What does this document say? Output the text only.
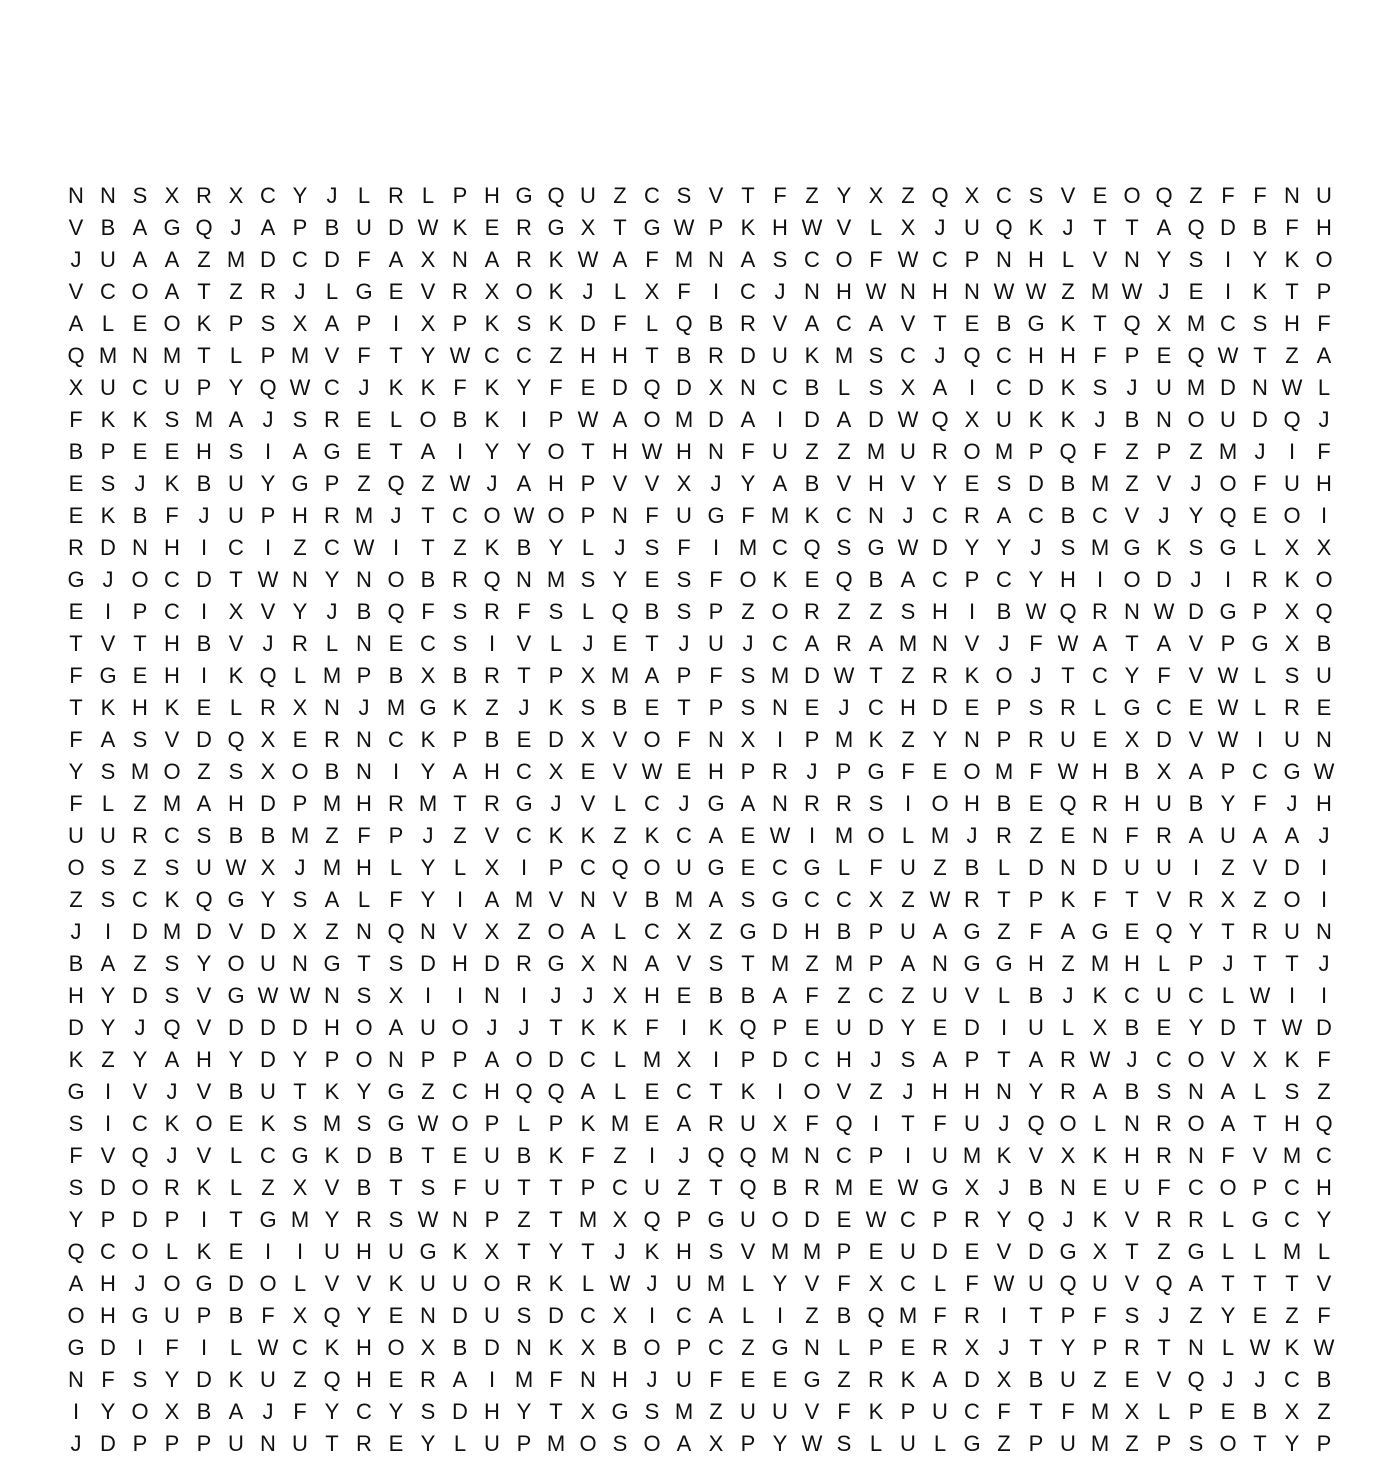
N N S X R X C Y J L R L P H G Q U Z C S V T F Z Y X Z Q X C S V E O Q Z F F N U
V B A G Q J A P B U D W K E R G X T G W P K H W V L X J U Q K J T T A Q D B F H
J U A A Z M D C D F A X N A R K W A F M N A S C O F W C P N H L V N Y S I Y K O
V C O A T Z R J L G E V R X O K J L X F	I C J N H W N H N W W Z M W J E I K T P
A L E O K P S X A P I X P K S K D F L Q B R V A C A V T E B G K T Q X M C S H F
Q M N M T L P M V F T Y W C C Z H H T B R D U K M S C J Q C H H F P E Q W T Z A
X U C U P Y Q W C J K K F K Y F E D Q D X N C B L S X A I C D K S J U M D N W L
F K K S M A J S R E L O B K I P W A O M D A I D A D W Q X U K K J B N O U D Q J
B P E E H S I A G E T A I Y Y O T H W H N F U Z Z M U R O M P Q F Z P Z M J	I	F
E S J K B U Y G P Z Q Z W J A H P V V X J Y A B V H V Y E S D B M Z V J O F U H
E K B F J U P H R M J T C O W O P N F U G F M K C N J C R A C B C V J Y Q E O I
R D N H I C I	Z C W I	T Z K B Y L J S F	I M C Q S G W D Y Y J S M G K S G L X X
G J O C D T W N Y N O B R Q N M S Y E S F O K E Q B A C P C Y H I O D J	I R K O
E I P C I X V Y J B Q F S R F S L Q B S P Z O R Z Z S H I B W Q R N W D G P X Q
T V T H B V J R L N E C S I V L J E T J U J C A R A M N V J F W A T A V P G X B
F G E H I K Q L M P B X B R T P X M A P F S M D W T Z R K O J T C Y F V W L S U
T K H K E L R X N J M G K Z J K S B E T P S N E J C H D E P S R L G C E W L R E
F A S V D Q X E R N C K P B E D X V O F N X I P M K Z Y N P R U E X D V W I U N
Y S M O Z S X O B N I Y A H C X E V W E H P R J P G F E O M F W H B X A P C G W
F L Z M A H D P M H R M T R G J V L C J G A N R R S I O H B E Q R H U B Y F J H
U U R C S B B M Z F P J Z V C K K Z K C A E W I M O L M J R Z E N F R A U A A J
O S Z S U W X J M H L Y L X I P C Q O U G E C G L F U Z B L D N D U U I	Z V D I
Z S C K Q G Y S A L F Y I A M V N V B M A S G C C X Z W R T P K F T V R X Z O I
J	I D M D V D X Z N Q N V X Z O A L C X Z G D H B P U A G Z F A G E Q Y T R U N
B A Z S Y O U N G T S D H D R G X N A V S T M Z M P A N G G H Z M H L P J T T J
H Y D S V G W W N S X I	I N I	J J X H E B B A F Z C Z U V L B J K C U C L W I	I
D Y J Q V D D D H O A U O J J T K K F	I K Q P E U D Y E D I U L X B E Y D T W D
K Z Y A H Y D Y P O N P P A O D C L M X I P D C H J S A P T A R W J C O V X K F
G I V J V B U T K Y G Z C H Q Q A L E C T K I O V Z J H H N Y R A B S N A L S Z
S I C K O E K S M S G W O P L P K M E A R U X F Q I	T F U J Q O L N R O A T H Q
F V Q J V L C G K D B T E U B K F Z	I	J Q Q M N C P I U M K V X K H R N F V M C
S D O R K L Z X V B T S F U T T P C U Z T Q B R M E W G X J B N E U F C O P C H
Y P D P I	T G M Y R S W N P Z T M X Q P G U O D E W C P R Y Q J K V R R L G C Y
Q C O L K E I	I U H U G K X T Y T J K H S V M M P E U D E V D G X T Z G L L M L
A H J O G D O L V V K U U O R K L W J U M L Y V F X C L F W U Q U V Q A T T T V
O H G U P B F X Q Y E N D U S D C X I C A L	I	Z B Q M F R I	T P F S J Z Y E Z F
G D I	F	I	L W C K H O X B D N K X B O P C Z G N L P E R X J T Y P R T N L W K W
N F S Y D K U Z Q H E R A I M F N H J U F E E G Z R K A D X B U Z E V Q J J C B
I Y O X B A J F Y C Y S D H Y T X G S M Z U U V F K P U C F T F M X L P E B X Z
J D P P P U N U T R E Y L U P M O S O A X P Y W S L U L G Z P U M Z P S O T Y P
